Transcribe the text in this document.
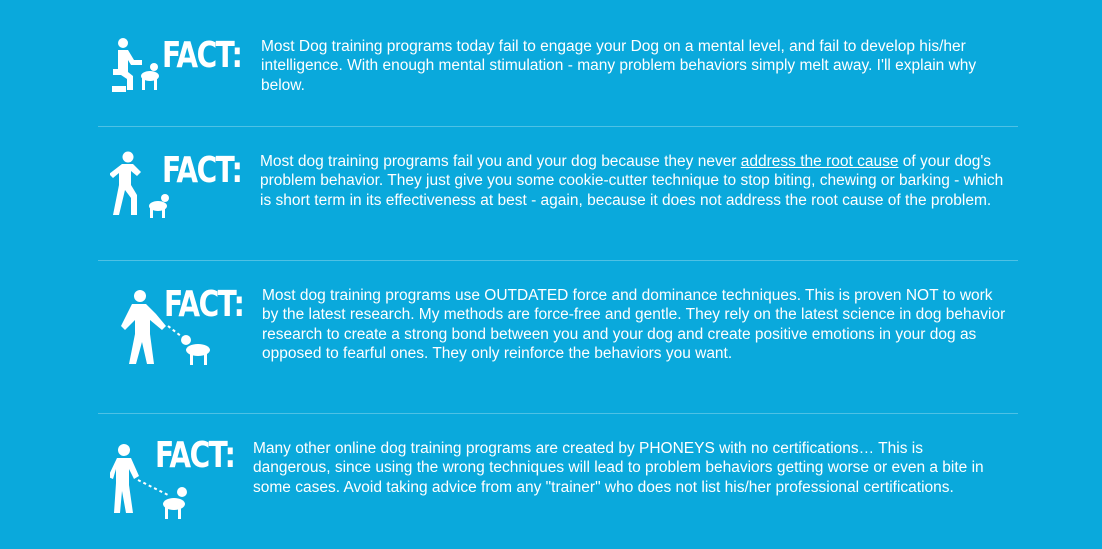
FACT: Most Dog training programs today fail to engage your Dog on a mental level, and fail to develop his/her intelligence. With enough mental stimulation - many problem behaviors simply melt away. I'll explain why below.
FACT: Most dog training programs fail you and your dog because they never address the root cause of your dog's problem behavior. They just give you some cookie-cutter technique to stop biting, chewing or barking - which is short term in its effectiveness at best - again, because it does not address the root cause of the problem.
FACT: Most dog training programs use OUTDATED force and dominance techniques. This is proven NOT to work by the latest research. My methods are force-free and gentle. They rely on the latest science in dog behavior research to create a strong bond between you and your dog and create positive emotions in your dog as opposed to fearful ones. They only reinforce the behaviors you want.
FACT: Many other online dog training programs are created by PHONEYS with no certifications… This is dangerous, since using the wrong techniques will lead to problem behaviors getting worse or even a bite in some cases. Avoid taking advice from any "trainer" who does not list his/her professional certifications.
